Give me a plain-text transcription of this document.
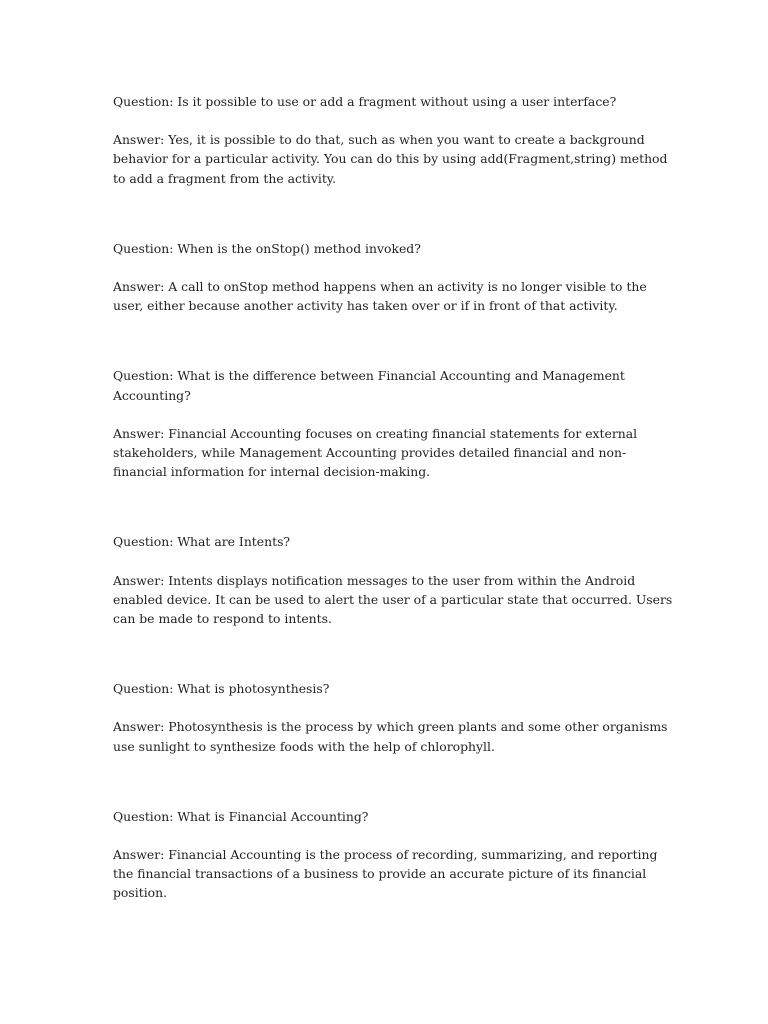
Question: Is it possible to use or add a fragment without using a user interface?

Answer: Yes, it is possible to do that, such as when you want to create a background behavior for a particular activity. You can do this by using add(Fragment,string) method to add a fragment from the activity.

Question: When is the onStop() method invoked?

Answer: A call to onStop method happens when an activity is no longer visible to the user, either because another activity has taken over or if in front of that activity.

Question: What is the difference between Financial Accounting and Management Accounting?

Answer: Financial Accounting focuses on creating financial statements for external stakeholders, while Management Accounting provides detailed financial and non-financial information for internal decision-making.

Question: What are Intents?

Answer: Intents displays notification messages to the user from within the Android enabled device. It can be used to alert the user of a particular state that occurred. Users can be made to respond to intents.

Question: What is photosynthesis?

Answer: Photosynthesis is the process by which green plants and some other organisms use sunlight to synthesize foods with the help of chlorophyll.

Question: What is Financial Accounting?

Answer: Financial Accounting is the process of recording, summarizing, and reporting the financial transactions of a business to provide an accurate picture of its financial position.
